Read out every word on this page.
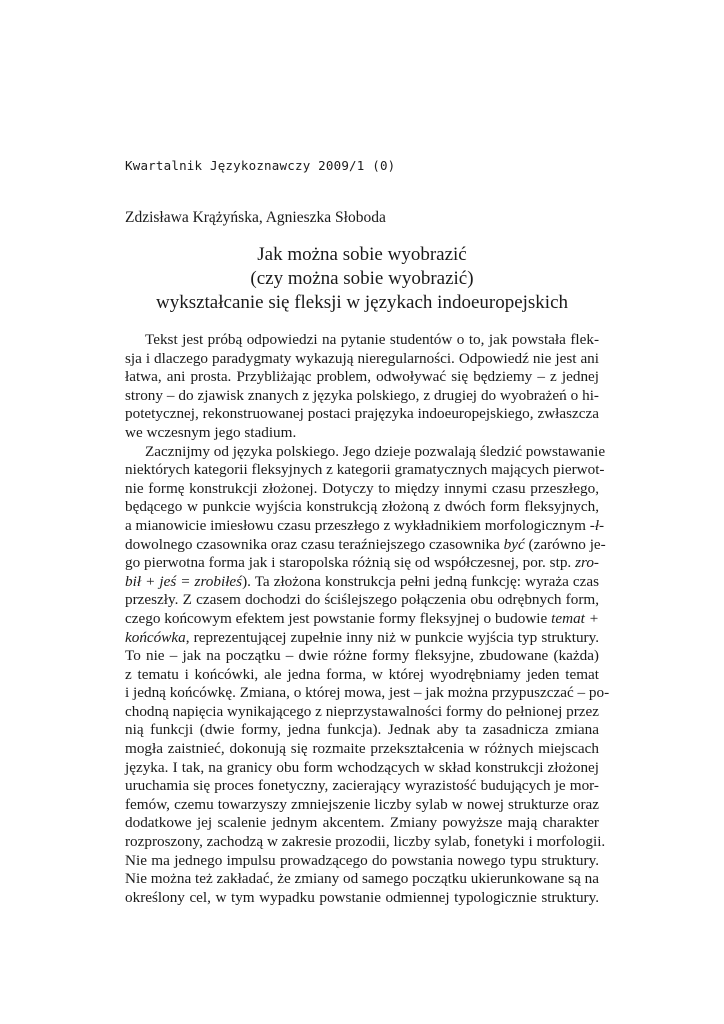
Kwartalnik Językoznawczy 2009/1 (0)
Zdzisława Krążyńska, Agnieszka Słoboda
Jak można sobie wyobrazić
(czy można sobie wyobrazić)
wykształcanie się fleksji w językach indoeuropejskich

Tekst jest próbą odpowiedzi na pytanie studentów o to, jak powstała flek-
sja i dlaczego paradygmaty wykazują nieregularności. Odpowiedź nie jest ani
łatwa, ani prosta. Przybliżając problem, odwoływać się będziemy – z jednej
strony – do zjawisk znanych z języka polskiego, z drugiej do wyobrażeń o hi-
potetycznej, rekonstruowanej postaci prajęzyka indoeuropejskiego, zwłaszcza
we wczesnym jego stadium.

Zacznijmy od języka polskiego. Jego dzieje pozwalają śledzić powstawanie
niektórych kategorii fleksyjnych z kategorii gramatycznych mających pierwot-
nie formę konstrukcji złożonej. Dotyczy to między innymi czasu przeszłego,
będącego w punkcie wyjścia konstrukcją złożoną z dwóch form fleksyjnych,
a mianowicie imiesłowu czasu przeszłego z wykładnikiem morfologicznym -ł-
dowolnego czasownika oraz czasu teraźniejszego czasownika być (zarówno je-
go pierwotna forma jak i staropolska różnią się od współczesnej, por. stp. zro-
bił + jeś = zrobiłeś). Ta złożona konstrukcja pełni jedną funkcję: wyraża czas
przeszły. Z czasem dochodzi do ściślejszego połączenia obu odrębnych form,
czego końcowym efektem jest powstanie formy fleksyjnej o budowie temat +
końcówka, reprezentującej zupełnie inny niż w punkcie wyjścia typ struktury.
To nie – jak na początku – dwie różne formy fleksyjne, zbudowane (każda)
z tematu i końcówki, ale jedna forma, w której wyodrębniamy jeden temat
i jedną końcówkę. Zmiana, o której mowa, jest – jak można przypuszczać – po-
chodną napięcia wynikającego z nieprzystawalności formy do pełnionej przez
nią funkcji (dwie formy, jedna funkcja). Jednak aby ta zasadnicza zmiana
mogła zaistnieć, dokonują się rozmaite przekształcenia w różnych miejscach
języka. I tak, na granicy obu form wchodzących w skład konstrukcji złożonej
uruchamia się proces fonetyczny, zacierający wyrazistość budujących je mor-
femów, czemu towarzyszy zmniejszenie liczby sylab w nowej strukturze oraz
dodatkowe jej scalenie jednym akcentem. Zmiany powyższe mają charakter
rozproszony, zachodzą w zakresie prozodii, liczby sylab, fonetyki i morfologii.
Nie ma jednego impulsu prowadzącego do powstania nowego typu struktury.
Nie można też zakładać, że zmiany od samego początku ukierunkowane są na
określony cel, w tym wypadku powstanie odmiennej typologicznie struktury.
